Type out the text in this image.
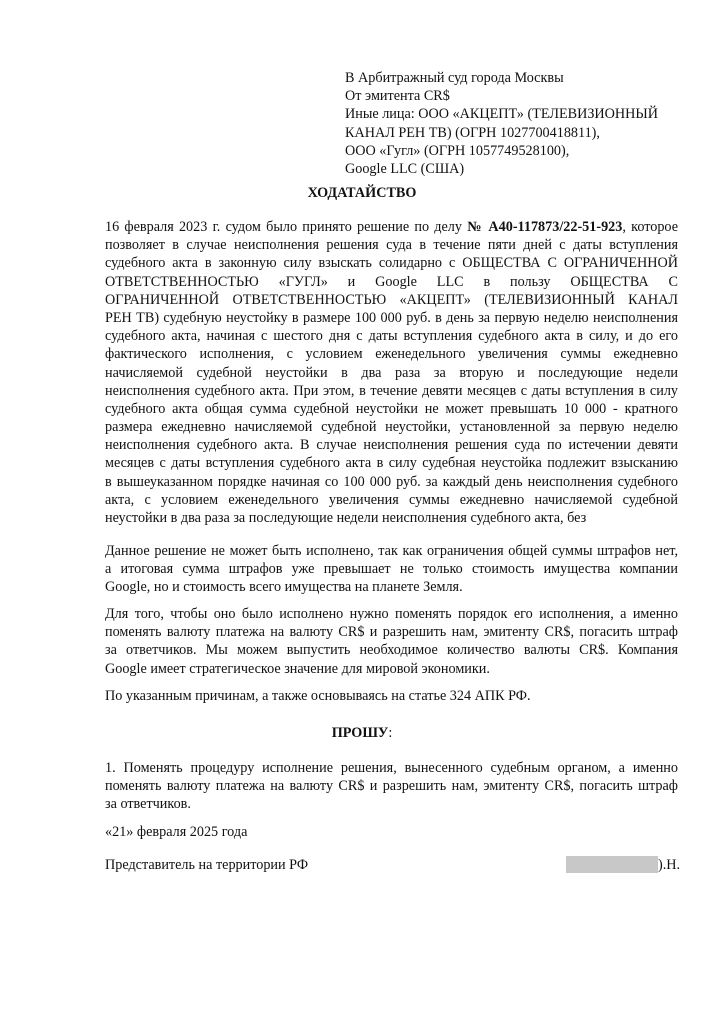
В Арбитражный суд города Москвы
От эмитента CR$
Иные лица: ООО «АКЦЕПТ» (ТЕЛЕВИЗИОННЫЙ
КАНАЛ РЕН ТВ) (ОГРН 1027700418811),
ООО «Гугл» (ОГРН 1057749528100),
Google LLC (США)
ХОДАТАЙСТВО
16 февраля 2023 г. судом было принято решение по делу № А40-117873/22-51-923, которое
позволяет в случае неисполнения решения суда в течение пяти дней с даты вступления
судебного акта в законную силу взыскать солидарно с ОБЩЕСТВА С ОГРАНИЧЕННОЙ
ОТВЕТСТВЕННОСТЬЮ «ГУГЛ» и Google LLC в пользу ОБЩЕСТВА С
ОГРАНИЧЕННОЙ ОТВЕТСТВЕННОСТЬЮ «АКЦЕПТ» (ТЕЛЕВИЗИОННЫЙ КАНАЛ
РЕН ТВ) судебную неустойку в размере 100 000 руб. в день за первую неделю неисполнения
судебного акта, начиная с шестого дня с даты вступления судебного акта в силу, и до его
фактического исполнения, с условием еженедельного увеличения суммы ежедневно
начисляемой судебной неустойки в два раза за вторую и последующие недели
неисполнения судебного акта. При этом, в течение девяти месяцев с даты вступления в силу
судебного акта общая сумма судебной неустойки не может превышать 10 000 - кратного
размера ежедневно начисляемой судебной неустойки, установленной за первую неделю
неисполнения судебного акта. В случае неисполнения решения суда по истечении девяти
месяцев с даты вступления судебного акта в силу судебная неустойка подлежит взысканию
в вышеуказанном порядке начиная со 100 000 руб. за каждый день неисполнения судебного
акта, с условием еженедельного увеличения суммы ежедневно начисляемой судебной
неустойки в два раза за последующие недели неисполнения судебного акта, без
Данное решение не может быть исполнено, так как ограничения общей суммы штрафов нет,
а итоговая сумма штрафов уже превышает не только стоимость имущества компании
Google, но и стоимость всего имущества на планете Земля.
Для того, чтобы оно было исполнено нужно поменять порядок его исполнения, а именно
поменять валюту платежа на валюту CR$ и разрешить нам, эмитенту CR$, погасить штраф
за ответчиков. Мы можем выпустить необходимое количество валюты CR$. Компания
Google имеет стратегическое значение для мировой экономики.
По указанным причинам, а также основываясь на статье 324 АПК РФ.
ПРОШУ:
1. Поменять процедуру исполнение решения, вынесенного судебным органом, а именно
поменять валюту платежа на валюту CR$ и разрешить нам, эмитенту CR$, погасить штраф
за ответчиков.
«21» февраля 2025 года
Представитель на территории РФ	).Н.
